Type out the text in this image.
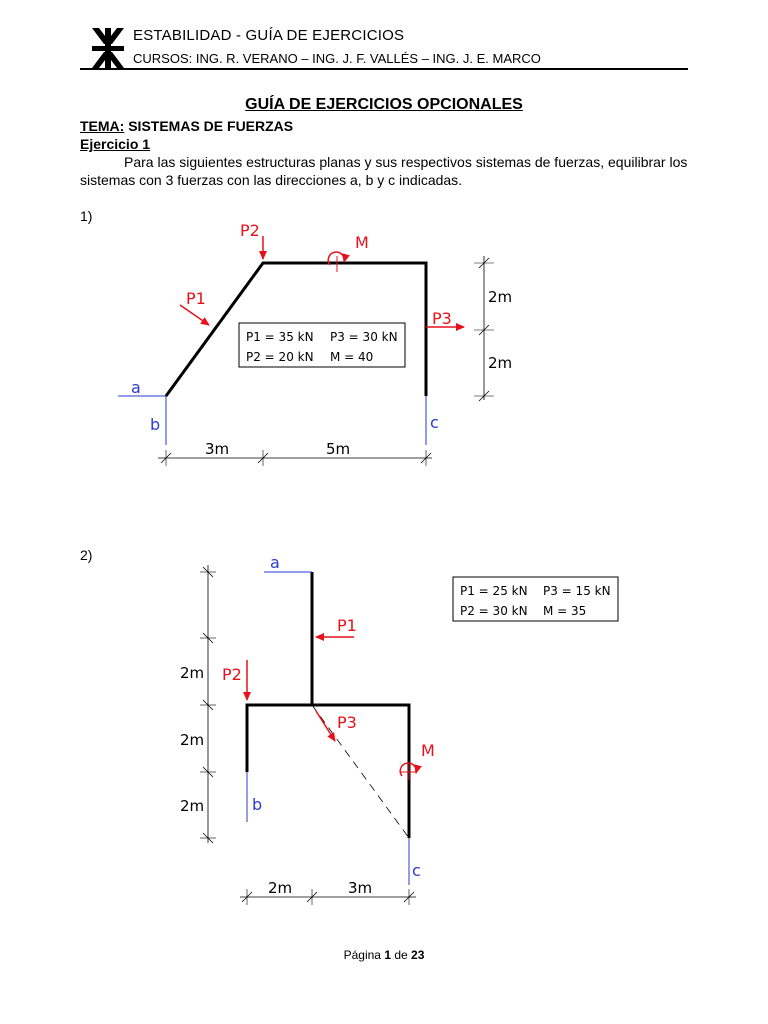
ESTABILIDAD - GUÍA DE EJERCICIOS
CURSOS: ING. R. VERANO – ING. J. F. VALLÉS – ING. J. E. MARCO
GUÍA DE EJERCICIOS OPCIONALES
TEMA: SISTEMAS DE FUERZAS
Ejercicio 1
Para las siguientes estructuras planas y sus respectivos sistemas de fuerzas, equilibrar los sistemas con 3 fuerzas con las direcciones a, b y c indicadas.
1)
a
b	c
P2
P1
P3
M
P1 = 35 kN P3 = 30 kN
P2 = 20 kN M = 40
2m
2m
3m	5m
2)	a
b
c
P1
P2
P3
M
P1 = 25 kN P3 = 15 kN
P2 = 30 kN M = 35
2m
2m
2m
2m	3m
Página 1 de 23
